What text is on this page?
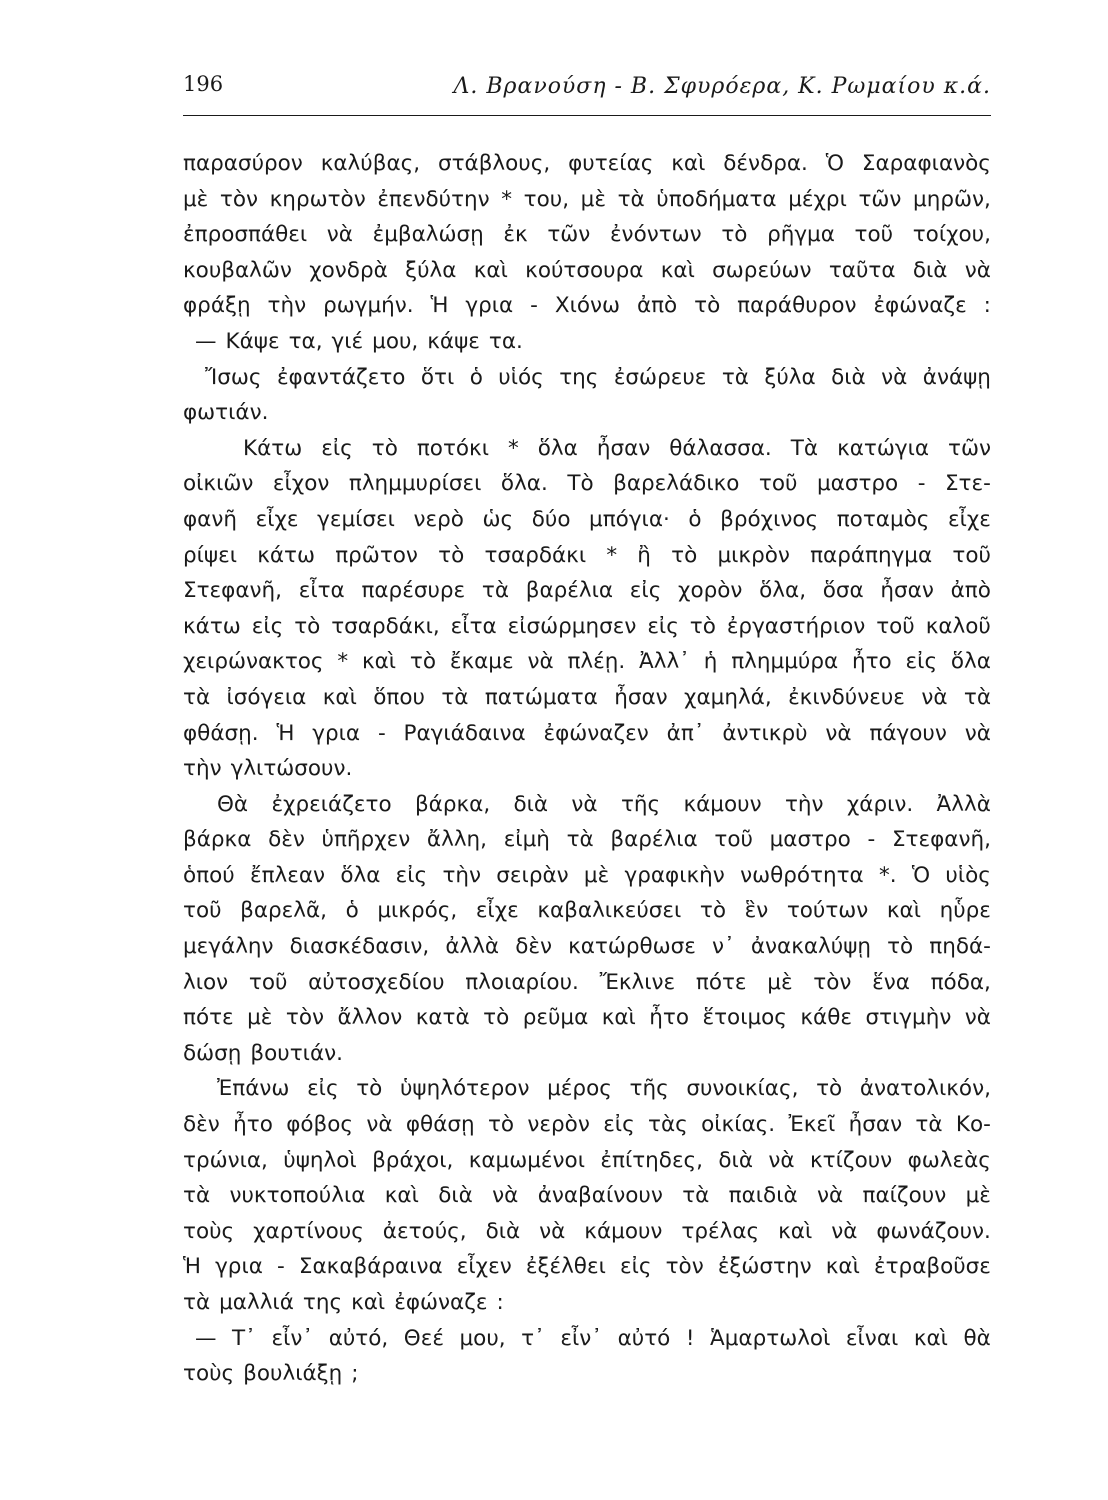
196	Λ. Βρανούση - Β. Σφυρόερα, Κ. Ρωμαίου κ.ά.
παρασύρον καλύβας, στάβλους, φυτείας καὶ δένδρα. Ὁ Σαραφιανὸς
μὲ τὸν κηρωτὸν ἐπενδύτην * του, μὲ τὰ ὑποδήματα μέχρι τῶν μηρῶν,
ἐπροσπάθει νὰ ἐμβαλώσῃ ἐκ τῶν ἐνόντων τὸ ρῆγμα τοῦ τοίχου,
κουβαλῶν χονδρὰ ξύλα καὶ κούτσουρα καὶ σωρεύων ταῦτα διὰ νὰ
φράξῃ τὴν ρωγμήν. Ἡ γρια - Χιόνω ἀπὸ τὸ παράθυρον ἐφώναζε :
— Κάψε τα, γιέ μου, κάψε τα.
Ἴσως ἐφαντάζετο ὅτι ὁ υἱός της ἐσώρευε τὰ ξύλα διὰ νὰ ἀνάψῃ
φωτιάν.
Κάτω εἰς τὸ ποτόκι * ὅλα ἦσαν θάλασσα. Τὰ κατώγια τῶν
οἰκιῶν εἶχον πλημμυρίσει ὅλα. Τὸ βαρελάδικο τοῦ μαστρο - Στε-
φανῆ εἶχε γεμίσει νερὸ ὡς δύο μπόγια· ὁ βρόχινος ποταμὸς εἶχε
ρίψει κάτω πρῶτον τὸ τσαρδάκι * ἢ τὸ μικρὸν παράπηγμα τοῦ
Στεφανῆ, εἶτα παρέσυρε τὰ βαρέλια εἰς χορὸν ὅλα, ὅσα ἦσαν ἀπὸ
κάτω εἰς τὸ τσαρδάκι, εἶτα εἰσώρμησεν εἰς τὸ ἐργαστήριον τοῦ καλοῦ
χειρώνακτος * καὶ τὸ ἔκαμε νὰ πλέῃ. Ἀλλ᾽ ἡ πλημμύρα ἦτο εἰς ὅλα
τὰ ἰσόγεια καὶ ὅπου τὰ πατώματα ἦσαν χαμηλά, ἐκινδύνευε νὰ τὰ
φθάσῃ. Ἡ γρια - Ραγιάδαινα ἐφώναζεν ἀπ᾽ ἀντικρὺ νὰ πάγουν νὰ
τὴν γλιτώσουν.
Θὰ ἐχρειάζετο βάρκα, διὰ νὰ τῆς κάμουν τὴν χάριν. Ἀλλὰ
βάρκα δὲν ὑπῆρχεν ἄλλη, εἰμὴ τὰ βαρέλια τοῦ μαστρο - Στεφανῆ,
ὁπού ἔπλεαν ὅλα εἰς τὴν σειρὰν μὲ γραφικὴν νωθρότητα *. Ὁ υἱὸς
τοῦ βαρελᾶ, ὁ μικρός, εἶχε καβαλικεύσει τὸ ἓν τούτων καὶ ηὗρε
μεγάλην διασκέδασιν, ἀλλὰ δὲν κατώρθωσε ν᾽ ἀνακαλύψῃ τὸ πηδά-
λιον τοῦ αὐτοσχεδίου πλοιαρίου. Ἔκλινε πότε μὲ τὸν ἕνα πόδα,
πότε μὲ τὸν ἄλλον κατὰ τὸ ρεῦμα καὶ ἦτο ἕτοιμος κάθε στιγμὴν νὰ
δώσῃ βουτιάν.
Ἐπάνω εἰς τὸ ὑψηλότερον μέρος τῆς συνοικίας, τὸ ἀνατολικόν,
δὲν ἦτο φόβος νὰ φθάσῃ τὸ νερὸν εἰς τὰς οἰκίας. Ἐκεῖ ἦσαν τὰ Κο-
τρώνια, ὑψηλοὶ βράχοι, καμωμένοι ἐπίτηδες, διὰ νὰ κτίζουν φωλεὰς
τὰ νυκτοπούλια καὶ διὰ νὰ ἀναβαίνουν τὰ παιδιὰ νὰ παίζουν μὲ
τοὺς χαρτίνους ἀετούς, διὰ νὰ κάμουν τρέλας καὶ νὰ φωνάζουν.
Ἡ γρια - Σακαβάραινα εἶχεν ἐξέλθει εἰς τὸν ἐξώστην καὶ ἐτραβοῦσε
τὰ μαλλιά της καὶ ἐφώναζε :
— Τ᾽ εἶν᾽ αὐτό, Θεέ μου, τ᾽ εἶν᾽ αὐτό ! Ἁμαρτωλοὶ εἶναι καὶ θὰ
τοὺς βουλιάξῃ ;
